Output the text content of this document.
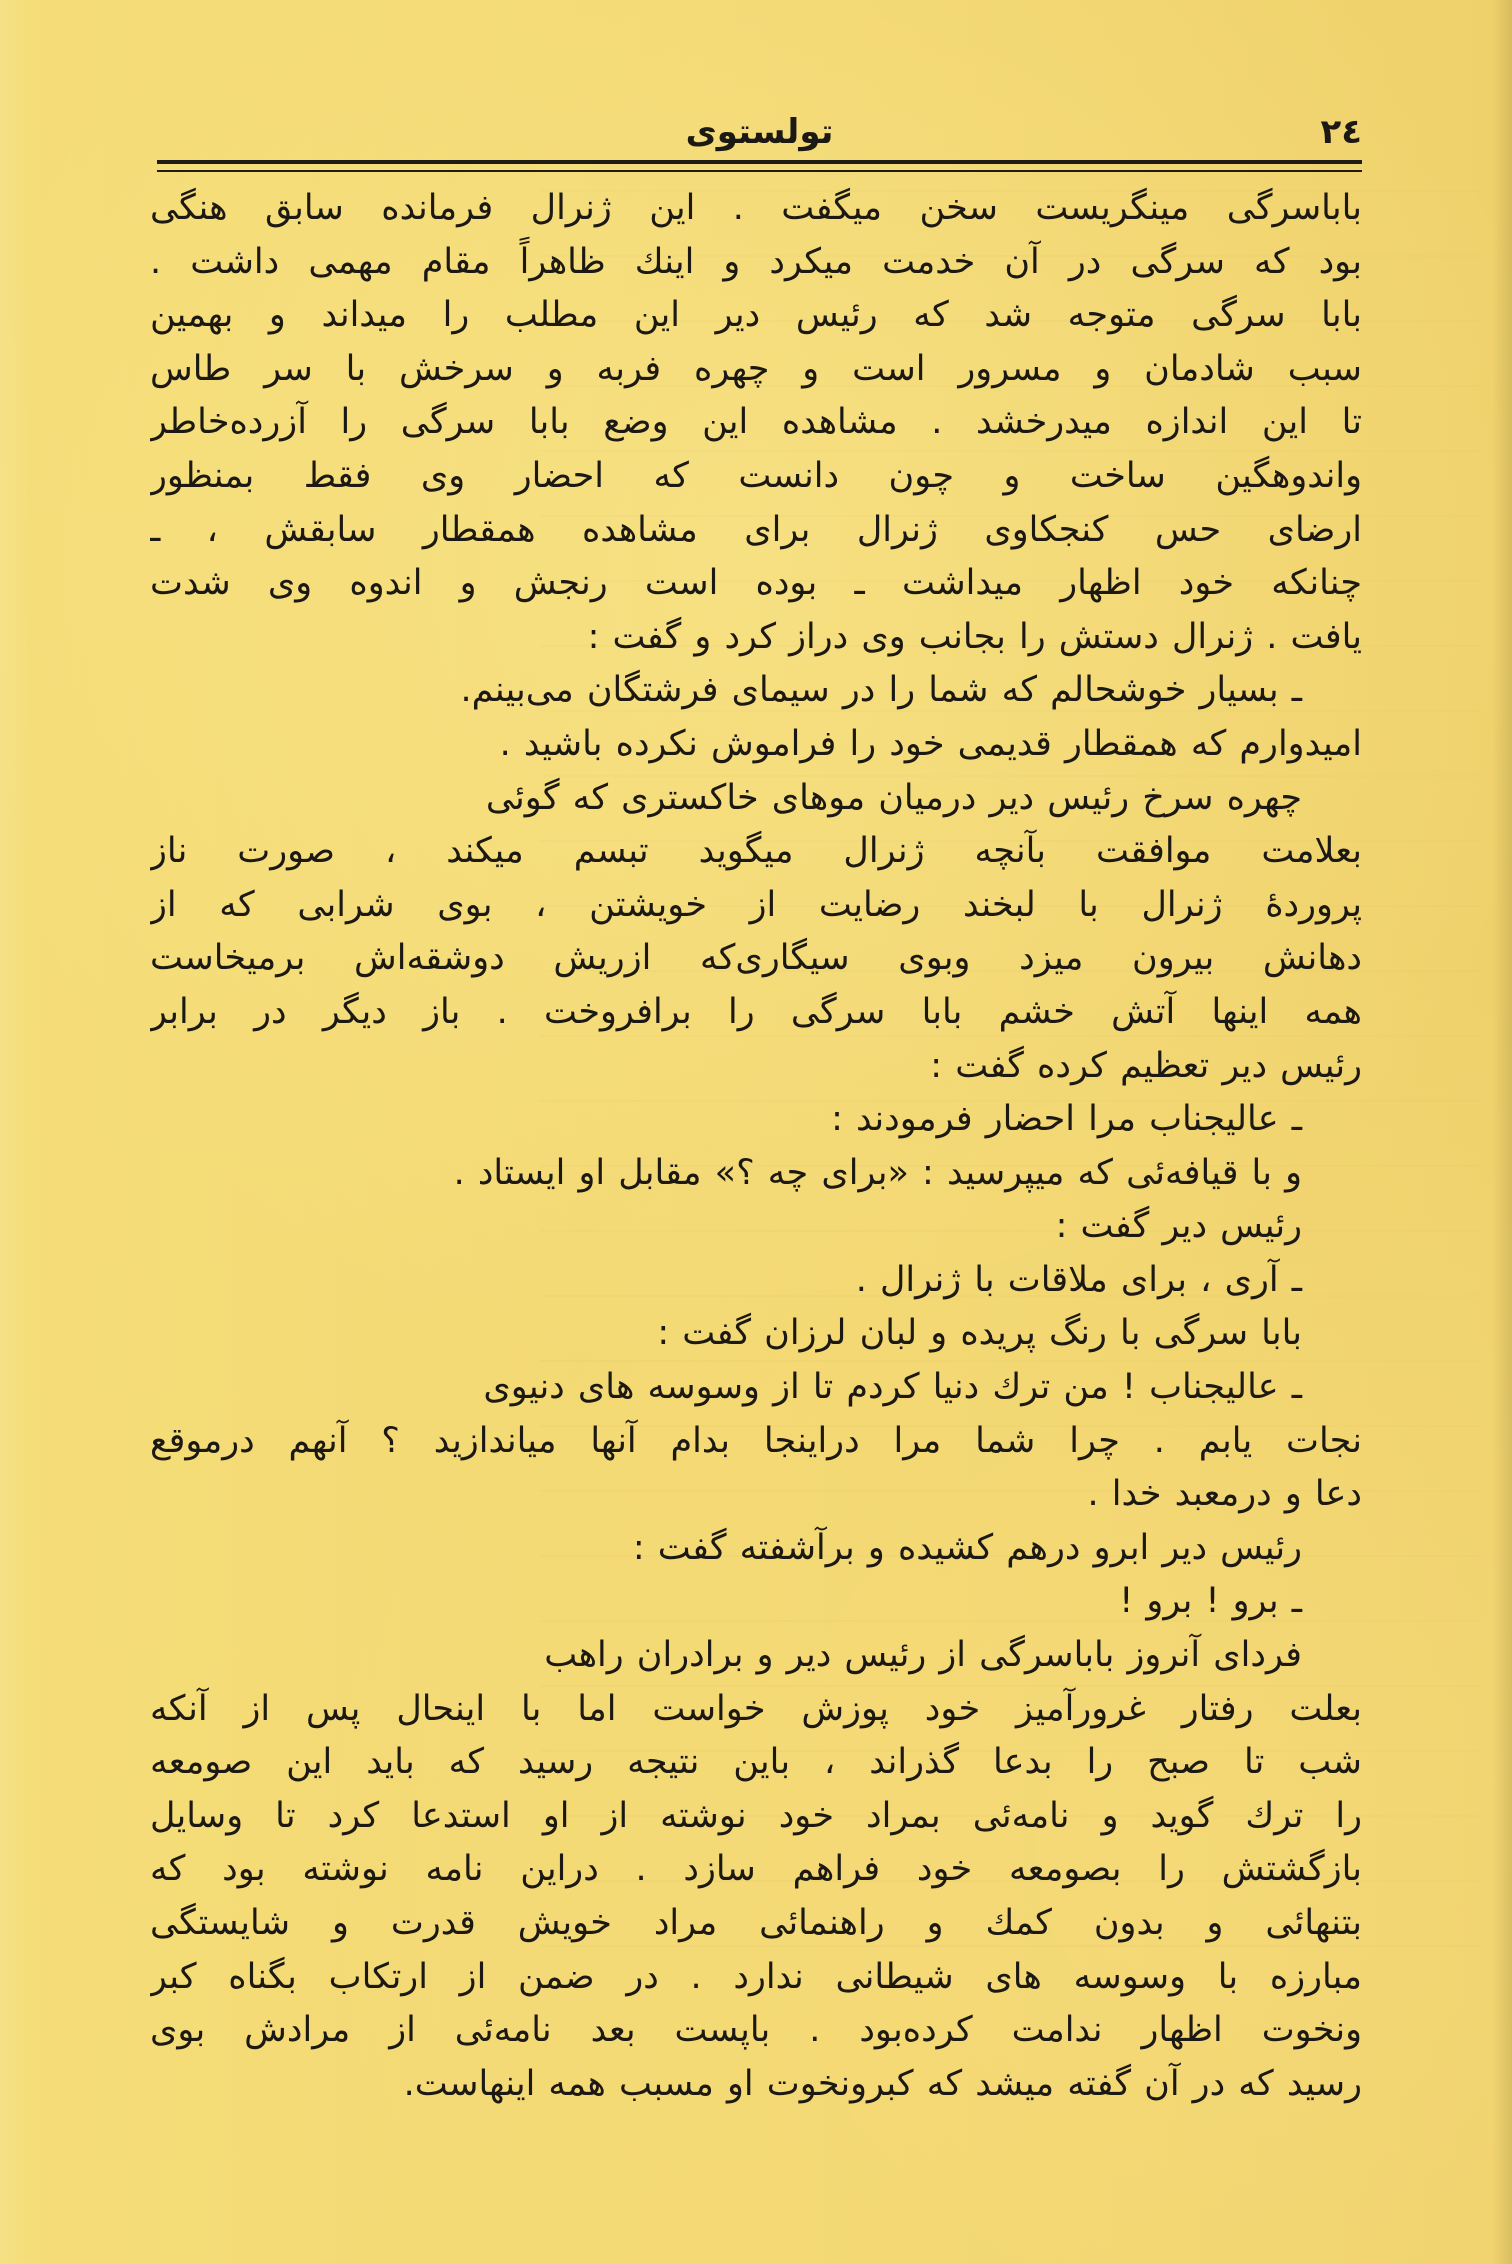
۲٤
تولستوی
باباسرگی مینگریست سخن میگفت . این ژنرال فرمانده سابق هنگی
بود که سرگی در آن خدمت میکرد و اینك ظاهراً مقام مهمی داشت .
بابا سرگی متوجه شد که رئیس دیر این مطلب را میداند و بهمین
سبب شادمان و مسرور است و چهره فربه و سرخش با سر طاس
تا این اندازه میدرخشد . مشاهده این وضع بابا سرگی را آزرده‌خاطر
واندوهگین ساخت و چون دانست که احضار وی فقط بمنظور
ارضای حس کنجکاوی ژنرال برای مشاهده همقطار سابقش ، ـ
چنانکه خود اظهار میداشت ـ بوده است رنجش و اندوه وی شدت
یافت . ژنرال دستش را بجانب وی دراز کرد و گفت :
ـ بسیار خوشحالم که شما را در سیمای فرشتگان می‌بینم.
امیدوارم که همقطار قدیمی خود را فراموش نکرده باشید .
چهره سرخ رئیس دیر درمیان موهای خاکستری که گوئی
بعلامت موافقت بآنچه ژنرال میگوید تبسم میکند ، صورت ناز
پروردهٔ ژنرال با لبخند رضایت از خویشتن ، بوی شرابی که از
دهانش بیرون میزد وبوی سیگاری‌که ازریش دوشقه‌اش برمیخاست
همه اینها آتش خشم بابا سرگی را برافروخت . باز دیگر در برابر
رئیس دیر تعظیم کرده گفت :
ـ عالیجناب مرا احضار فرمودند :
و با قیافه‌ئی که میپرسید : «برای چه ؟» مقابل او ایستاد .
رئیس دیر گفت :
ـ آری ، برای ملاقات با ژنرال .
بابا سرگی با رنگ پریده و لبان لرزان گفت :
ـ عالیجناب ! من ترك دنیا کردم تا از وسوسه های دنیوی
نجات یابم . چرا شما مرا دراینجا بدام آنها میاندازید ؟ آنهم درموقع
دعا و درمعبد خدا .
رئیس دیر ابرو درهم کشیده و برآشفته گفت :
ـ برو ! برو !
فردای آنروز باباسرگی از رئیس دیر و برادران راهب
بعلت رفتار غرورآمیز خود پوزش خواست اما با اینحال پس از آنکه
شب تا صبح را بدعا گذراند ، باین نتیجه رسید که باید این صومعه
را ترك گوید و نامه‌ئی بمراد خود نوشته از او استدعا کرد تا وسایل
بازگشتش را بصومعه خود فراهم سازد . دراین نامه نوشته بود که
بتنهائی و بدون کمك و راهنمائی مراد خویش قدرت و شایستگی
مبارزه با وسوسه های شیطانی ندارد . در ضمن از ارتکاب بگناه کبر
ونخوت اظهار ندامت کرده‌بود . باپست بعد نامه‌ئی از مرادش بوی
رسید که در آن گفته میشد که کبرونخوت او مسبب همه اینهاست.
